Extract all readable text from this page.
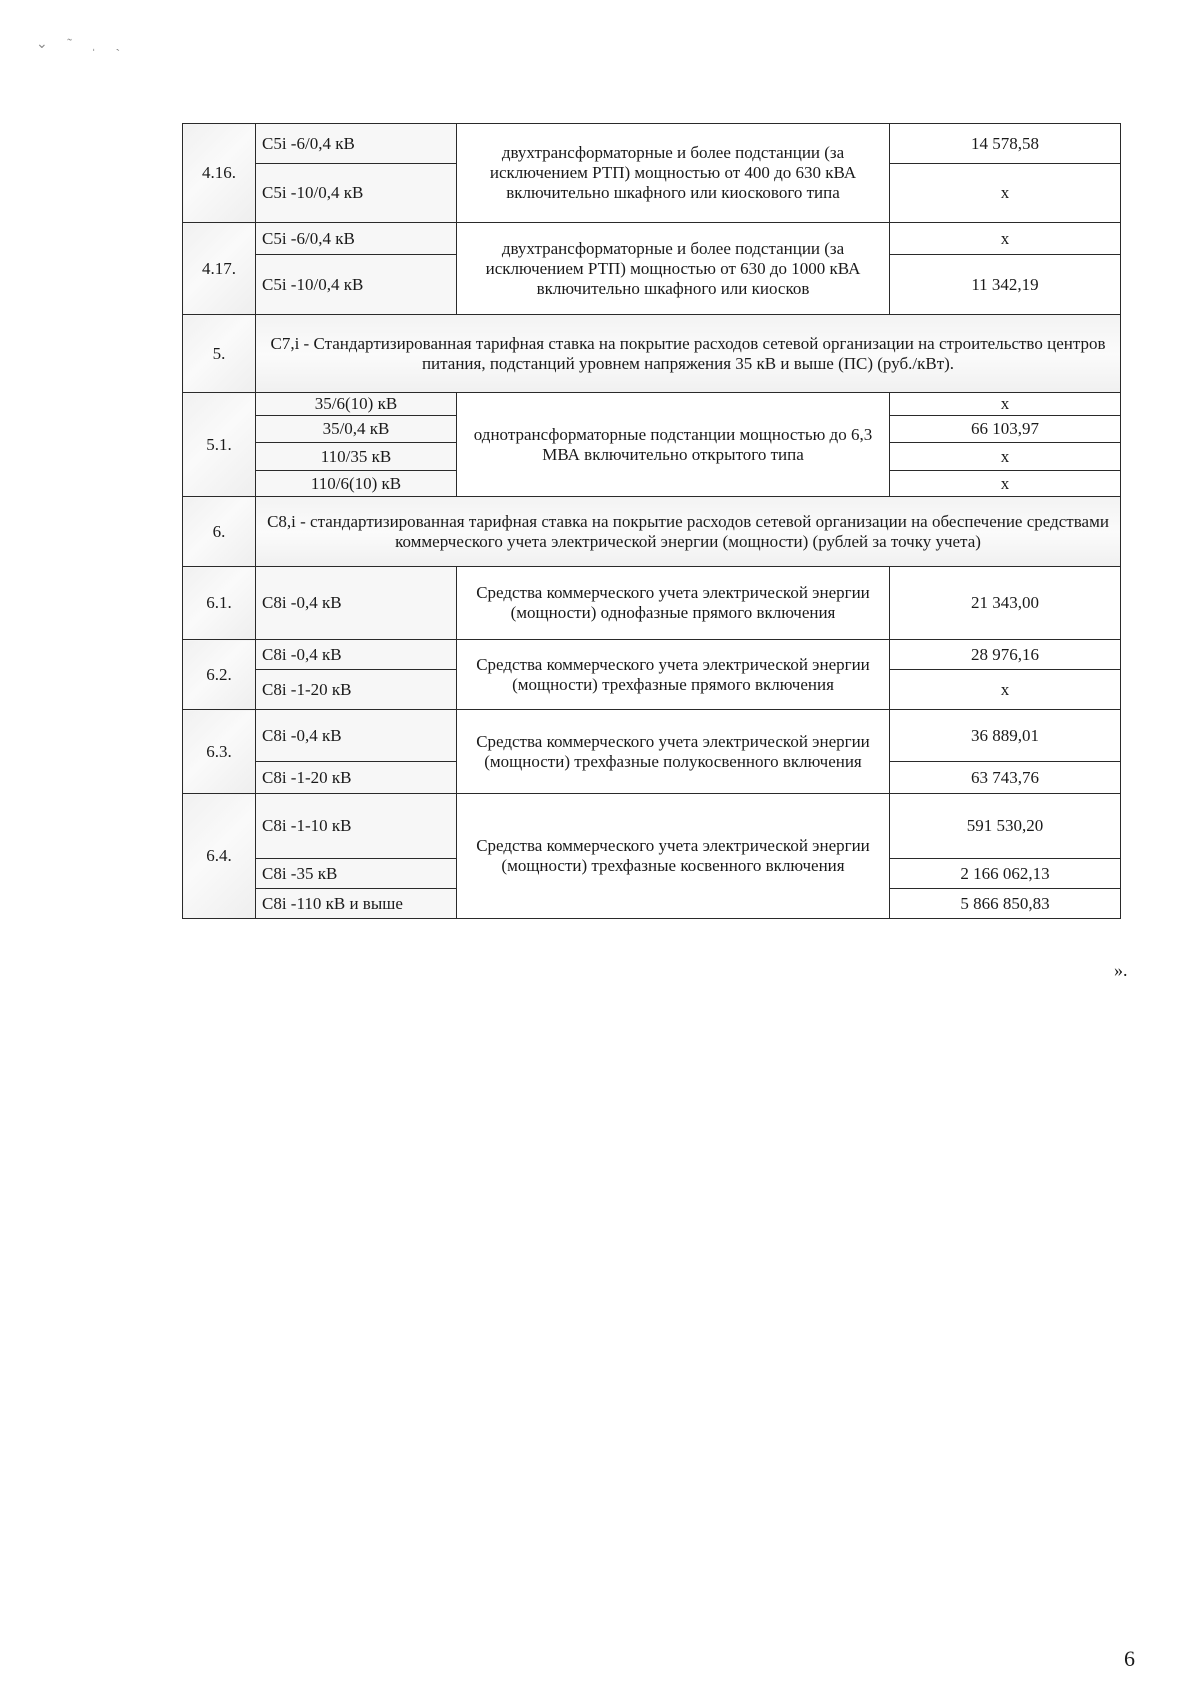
⌄ ˜ ˌ ˏ
4.16.	С5i -6/0,4 кВ	двухтрансформаторные и более подстанции (за исключением РТП) мощностью от 400 до 630 кВА включительно шкафного или киоскового типа	14 578,58
	С5i -10/0,4 кВ		x
4.17.	С5i -6/0,4 кВ	двухтрансформаторные и более подстанции (за исключением РТП) мощностью от 630 до 1000 кВА включительно шкафного или киосков	x
	С5i -10/0,4 кВ		11 342,19
5.	С7,i - Стандартизированная тарифная ставка на покрытие расходов сетевой организации на строительство центров питания, подстанций уровнем напряжения 35 кВ и выше (ПС) (руб./кВт).		
5.1.	35/6(10) кВ	однотрансформаторные подстанции мощностью до 6,3 МВА включительно открытого типа	x
	35/0,4 кВ		66 103,97
	110/35 кВ		x
	110/6(10) кВ		x
6.	С8,i - стандартизированная тарифная ставка на покрытие расходов сетевой организации на обеспечение средствами коммерческого учета электрической энергии (мощности) (рублей за точку учета)		
6.1.	С8i -0,4 кВ	Средства коммерческого учета электрической энергии (мощности) однофазные прямого включения	21 343,00
6.2.	С8i -0,4 кВ	Средства коммерческого учета электрической энергии (мощности) трехфазные прямого включения	28 976,16
	С8i -1-20 кВ		x
6.3.	С8i -0,4 кВ	Средства коммерческого учета электрической энергии (мощности) трехфазные полукосвенного включения	36 889,01
	С8i -1-20 кВ		63 743,76
6.4.	С8i -1-10 кВ	Средства коммерческого учета электрической энергии (мощности) трехфазные косвенного включения	591 530,20
	С8i -35 кВ		2 166 062,13
	С8i -110 кВ и выше		5 866 850,83
».
6
